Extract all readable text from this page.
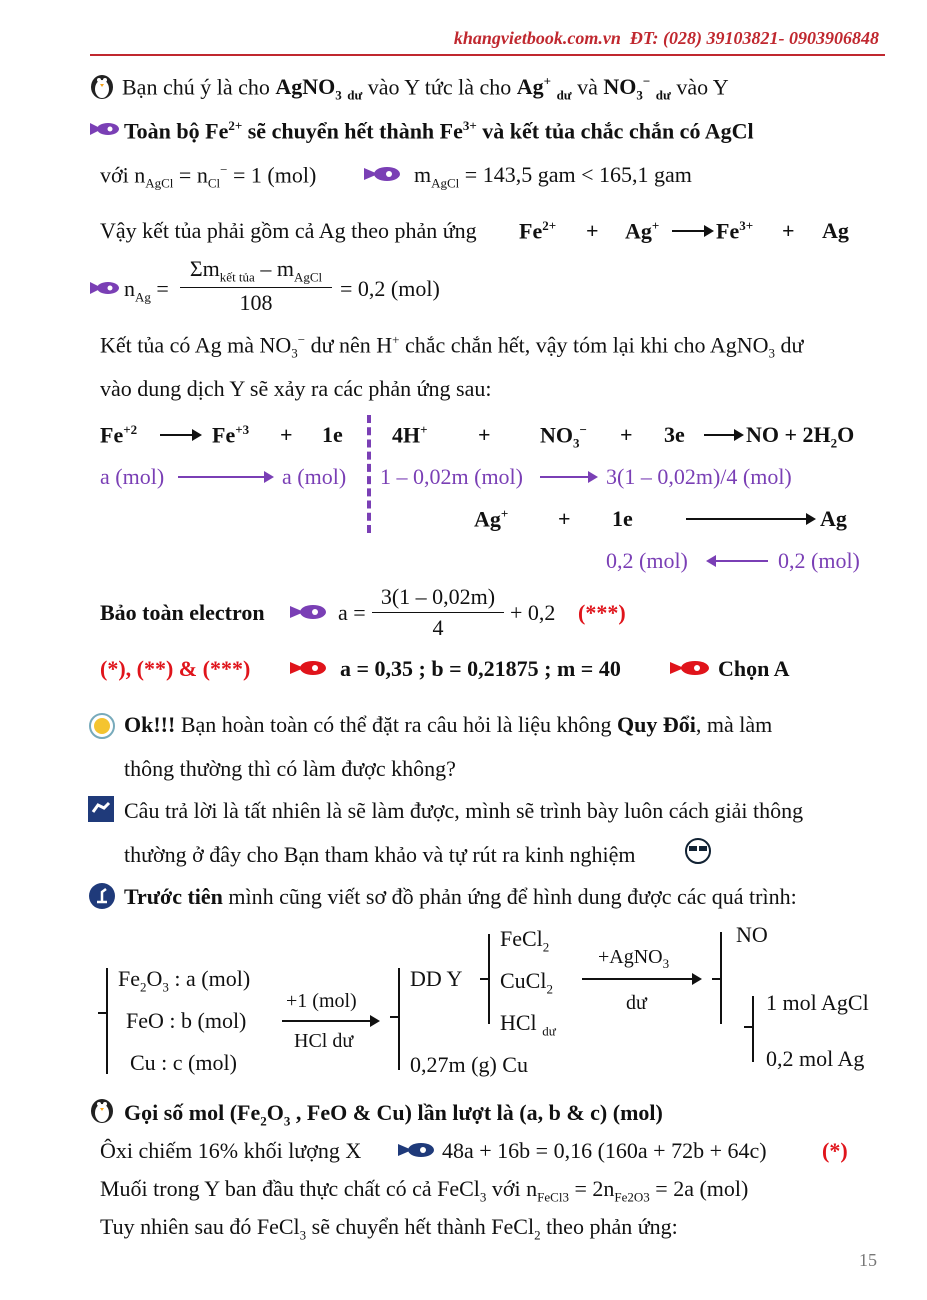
khangvietbook.com.vn ĐT: (028) 39103821- 0903906848
Bạn chú ý là cho AgNO$_3$ $_{dư}$ vào Y tức là cho Ag+ $_{dư}$ và $NO_3^-$ $_{dư}$ vào Y
Toàn bộ $Fe^{2+}$ sẽ chuyển hết thành $Fe^{3+}$ và kết tủa chắc chắn có AgCl
với $n_{AgCl} = n_{Cl}^- = 1$ (mol)	$m_{AgCl} = 143,5$ gam < 165,1 gam
Vậy kết tủa phải gồm cả Ag theo phản ứng $Fe^{2+} + Ag^+ \to Fe^{3+} + Ag$
$n_{Ag}$ =
$\Sigma m_{kết tủa} - m_{AgCl}$
108
= 0,2 (mol)
Kết tủa có Ag mà $NO_3^-$ dư nên H+ chắc chắn hết, vậy tóm lại khi cho AgNO$_3$ dư
vào dung dịch Y sẽ xảy ra các phản ứng sau:
$Fe^{+2} \to Fe^{+3} + 1e$ $4H^+ + NO_3^- + 3e$ → NO + $2H_2O$
a (mol)	a (mol) 1 – 0,02m (mol)	3(1 – 0,02m)/4 (mol)
Ag+ + 1e	Ag
0,2 (mol)	0,2 (mol)
Bảo toàn electron	a =
3(1 – 0,02m)
4
+ 0,2 (***)
(*), (**) & (***)	a = 0,35 ; b = 0,21875 ; m = 40	Chọn A
Ok!!! Bạn hoàn toàn có thể đặt ra câu hỏi là liệu không Quy Đổi, mà làm
thông thường thì có làm được không?
Câu trả lời là tất nhiên là sẽ làm được, mình sẽ trình bày luôn cách giải thông
thường ở đây cho Bạn tham khảo và tự rút ra kinh nghiệm
Trước tiên mình cũng viết sơ đồ phản ứng để hình dung được các quá trình:
$Fe_2O_3$ : a (mol)
FeO : b (mol)
Cu : c (mol)
+1 (mol)
HCl dư
DD Y
0,27m (g) Cu
FeCl$_2$
CuCl$_2$
HCl $_{dư}$
+AgNO$_3$
dư
NO
1 mol AgCl
0,2 mol Ag
Gọi số mol ($Fe_2O_3$ , FeO & Cu) lần lượt là (a, b & c) (mol)
Ôxi chiếm 16% khối lượng X	48a + 16b = 0,16 (160a + 72b + 64c)	(*)
Muối trong Y ban đầu thực chất có cả FeCl$_3$ với $n_{FeCl3} = 2n_{Fe2O3} = 2a$ (mol)
Tuy nhiên sau đó FeCl$_3$ sẽ chuyển hết thành FeCl$_2$ theo phản ứng:
15
